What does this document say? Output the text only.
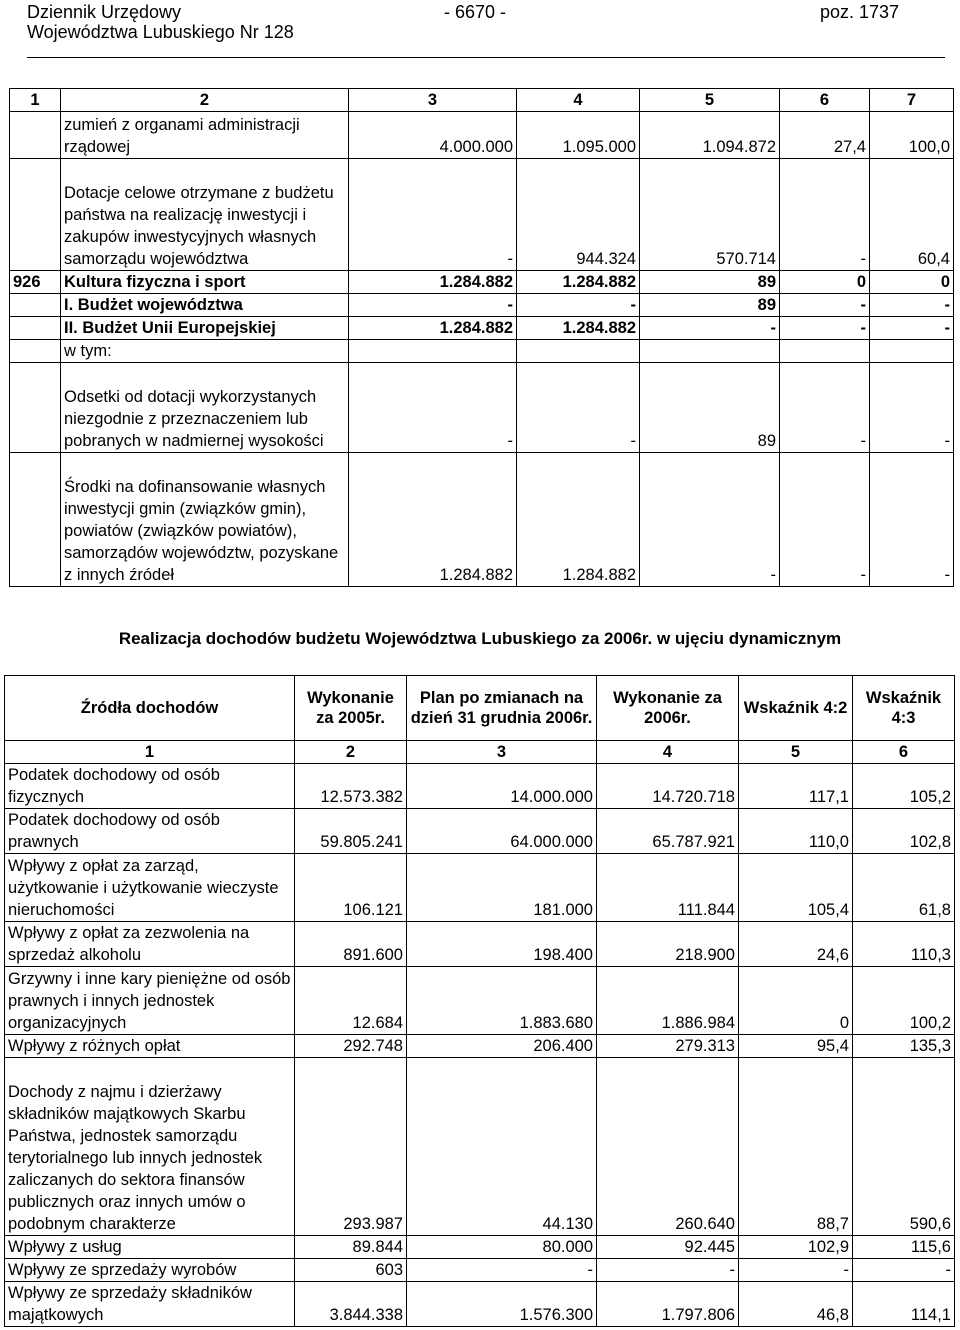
Dziennik Urzędowy
Województwa Lubuskiego Nr 128
- 6670 -	poz. 1737
1	2	3	4	5	6	7
	zumień z organami administracji rządowej	4.000.000	1.095.000	1.094.872	27,4	100,0
	Dotacje celowe otrzymane z budżetu państwa na realizację inwestycji i zakupów inwestycyjnych własnych samorządu województwa	-	944.324	570.714	-	60,4
926	Kultura fizyczna i sport	1.284.882	1.284.882	89	0	0
	I. Budżet województwa	-	-	89	-	-
	II. Budżet Unii Europejskiej	1.284.882	1.284.882	-	-	-
	w tym:					
	Odsetki od dotacji wykorzystanych niezgodnie z przeznaczeniem lub pobranych w nadmiernej wysokości	-	-	89	-	-
	Środki na dofinansowanie własnych inwestycji gmin (związków gmin), powiatów (związków powiatów), samorządów województw, pozyskane z innych źródeł	1.284.882	1.284.882	-	-	-
Realizacja dochodów budżetu Województwa Lubuskiego za 2006r. w ujęciu dynamicznym
Źródła dochodów	Wykonanie za 2005r.	Plan po zmianach na dzień 31 grudnia 2006r.	Wykonanie za 2006r.	Wskaźnik 4:2	Wskaźnik 4:3
1	2	3	4	5	6
Podatek dochodowy od osób fizycznych	12.573.382	14.000.000	14.720.718	117,1	105,2
Podatek dochodowy od osób prawnych	59.805.241	64.000.000	65.787.921	110,0	102,8
Wpływy z opłat za zarząd, użytkowanie i użytkowanie wieczyste nieruchomości	106.121	181.000	111.844	105,4	61,8
Wpływy z opłat za zezwolenia na sprzedaż alkoholu	891.600	198.400	218.900	24,6	110,3
Grzywny i inne kary pieniężne od osób prawnych i innych jednostek organizacyjnych	12.684	1.883.680	1.886.984	0	100,2
Wpływy z różnych opłat	292.748	206.400	279.313	95,4	135,3
Dochody z najmu i dzierżawy składników majątkowych Skarbu Państwa, jednostek samorządu terytorialnego lub innych jednostek zaliczanych do sektora finansów publicznych oraz innych umów o podobnym charakterze	293.987	44.130	260.640	88,7	590,6
Wpływy z usług	89.844	80.000	92.445	102,9	115,6
Wpływy ze sprzedaży wyrobów	603	-	-	-	-
Wpływy ze sprzedaży składników majątkowych	3.844.338	1.576.300	1.797.806	46,8	114,1
